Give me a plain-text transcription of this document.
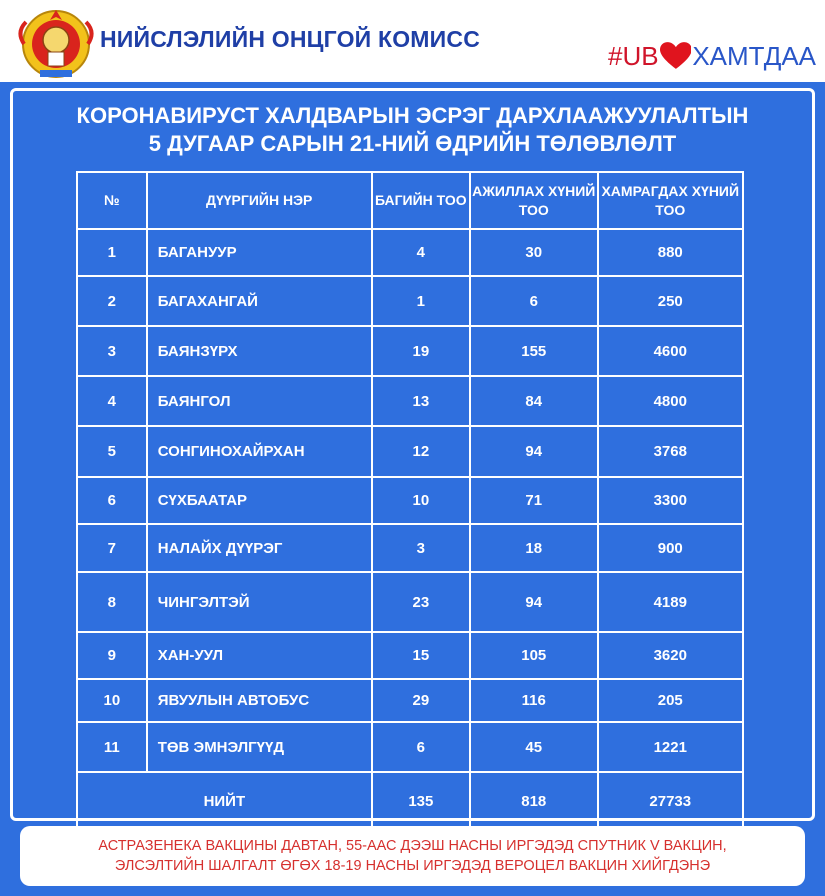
НИЙСЛЭЛИЙН ОНЦГОЙ КОМИСС
#UB ХАМТДАА
КОРОНАВИРУСТ ХАЛДВАРЫН ЭСРЭГ ДАРХЛААЖУУЛАЛТЫН
5 ДУГААР САРЫН 21-НИЙ ӨДРИЙН ТӨЛӨВЛӨЛТ
№	ДҮҮРГИЙН НЭР	БАГИЙН ТОО	АЖИЛЛАХ ХҮНИЙ ТОО	ХАМРАГДАХ ХҮНИЙ ТОО
1	БАГАНУУР	4	30	880
2	БАГАХАНГАЙ	1	6	250
3	БАЯНЗҮРХ	19	155	4600
4	БАЯНГОЛ	13	84	4800
5	СОНГИНОХАЙРХАН	12	94	3768
6	СҮХБААТАР	10	71	3300
7	НАЛАЙХ ДҮҮРЭГ	3	18	900
8	ЧИНГЭЛТЭЙ	23	94	4189
9	ХАН-УУЛ	15	105	3620
10	ЯВУУЛЫН АВТОБУС	29	116	205
11	ТӨВ ЭМНЭЛГҮҮД	6	45	1221
НИЙТ		135	818	27733
АСТРАЗЕНЕКА ВАКЦИНЫ ДАВТАН, 55-ААС ДЭЭШ НАСНЫ ИРГЭДЭД СПУТНИК V ВАКЦИН,
ЭЛСЭЛТИЙН ШАЛГАЛТ ӨГӨХ 18-19 НАСНЫ ИРГЭДЭД ВЕРОЦЕЛ ВАКЦИН ХИЙГДЭНЭ
